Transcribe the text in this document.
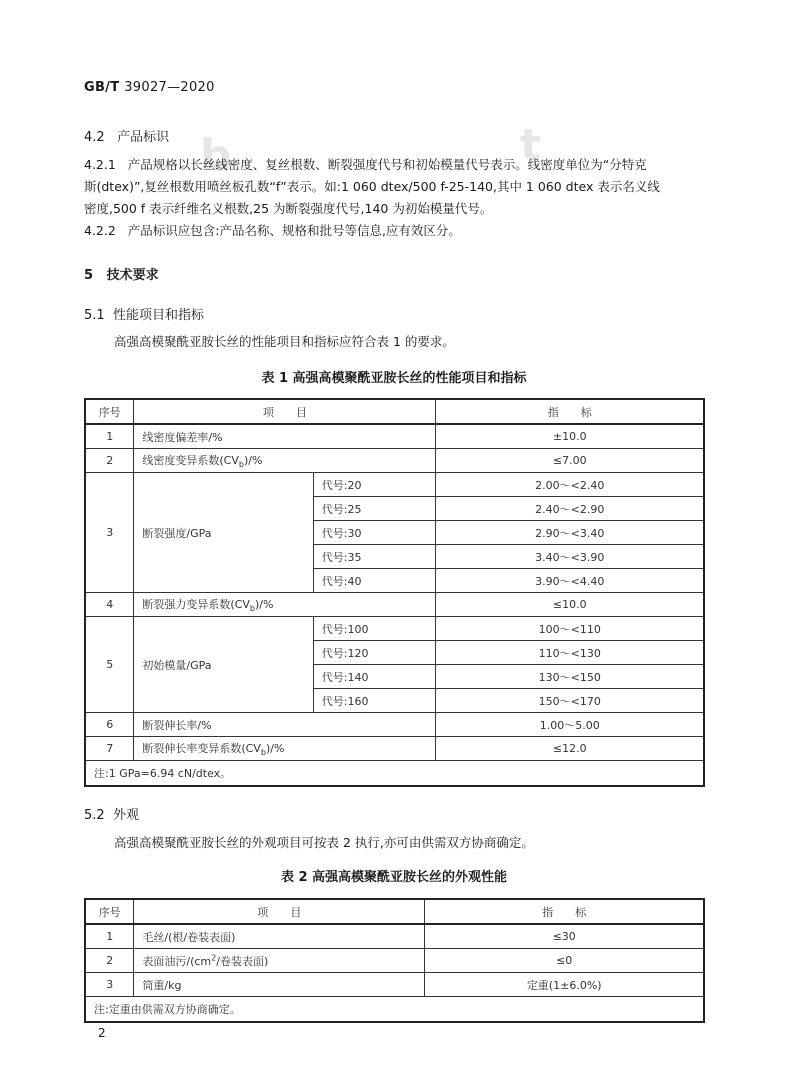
b	t
GB/T 39027—2020
4.2 产品标识
4.2.1 产品规格以长丝线密度、复丝根数、断裂强度代号和初始模量代号表示。线密度单位为“分特克
斯(dtex)”,复丝根数用喷丝板孔数“f”表示。如:1 060 dtex/500 f-25-140,其中 1 060 dtex 表示名义线
密度,500 f 表示纤维名义根数,25 为断裂强度代号,140 为初始模量代号。
4.2.2 产品标识应包含:产品名称、规格和批号等信息,应有效区分。
5 技术要求
5.1 性能项目和指标
高强高模聚酰亚胺长丝的性能项目和指标应符合表 1 的要求。
表 1 高强高模聚酰亚胺长丝的性能项目和指标
序号	项　　目		指　　标
1	线密度偏差率/%		±10.0
2	线密度变异系数$(CV_b)/\%$		≤7.00
3	断裂强度/GPa	代号:20	2.00～<2.40
		代号:25	2.40～<2.90
		代号:30	2.90～<3.40
		代号:35	3.40～<3.90
		代号:40	3.90～<4.40
4	断裂强力变异系数$(CV_b)/\%$		≤10.0
5	初始模量/GPa	代号:100	100～<110
		代号:120	110～<130
		代号:140	130～<150
		代号:160	150～<170
6	断裂伸长率/%		1.00～5.00
7	断裂伸长率变异系数$(CV_b)/\%$		≤12.0
注:1 GPa=6.94 cN/dtex。			
5.2 外观
高强高模聚酰亚胺长丝的外观项目可按表 2 执行,亦可由供需双方协商确定。
表 2 高强高模聚酰亚胺长丝的外观性能
序号	项　　目	指　　标
1	毛丝/(根/卷装表面)	≤30
2	表面油污$/(cm^2/$卷装表面)	≤0
3	筒重/kg	定重(1±6.0%)
注:定重由供需双方协商确定。		
2
